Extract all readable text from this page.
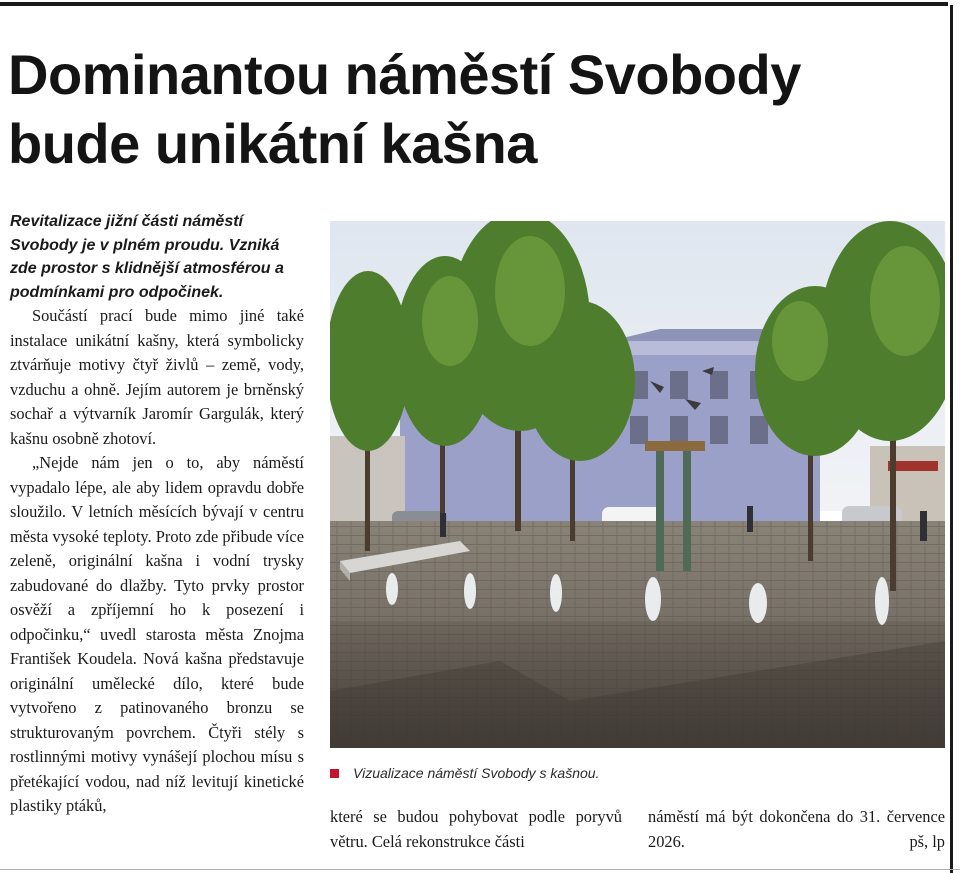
Dominantou náměstí Svobody bude unikátní kašna

Revitalizace jižní části náměstí Svobody je v plném proudu. Vzniká zde prostor s klidnější atmosférou a podmínkami pro odpočinek.

Součástí prací bude mimo jiné také instalace unikátní kašny, která symbolicky ztvárňuje motivy čtyř živlů – země, vody, vzduchu a ohně. Jejím autorem je brněnský sochař a výtvarník Jaromír Gargulák, který kašnu osobně zhotoví.

„Nejde nám jen o to, aby náměstí vypadalo lépe, ale aby lidem opravdu dobře sloužilo. V letních měsících bývají v centru města vysoké teploty. Proto zde přibude více zeleně, originální kašna i vodní trysky zabudované do dlažby. Tyto prvky prostor osvěží a zpříjemní ho k posezení i odpočinku,“ uvedl starosta města Znojma František Koudela. Nová kašna představuje originální umělecké dílo, které bude vytvořeno z patinovaného bronzu se strukturovaným povrchem. Čtyři stély s rostlinnými motivy vynášejí plochou mísu s přetékající vodou, nad níž levitují kinetické plastiky ptáků,

Vizualizace náměstí Svobody s kašnou.

které se budou pohybovat podle poryvů větru. Celá rekonstrukce části

náměstí má být dokončena do 31. července 2026.	pš, lp
